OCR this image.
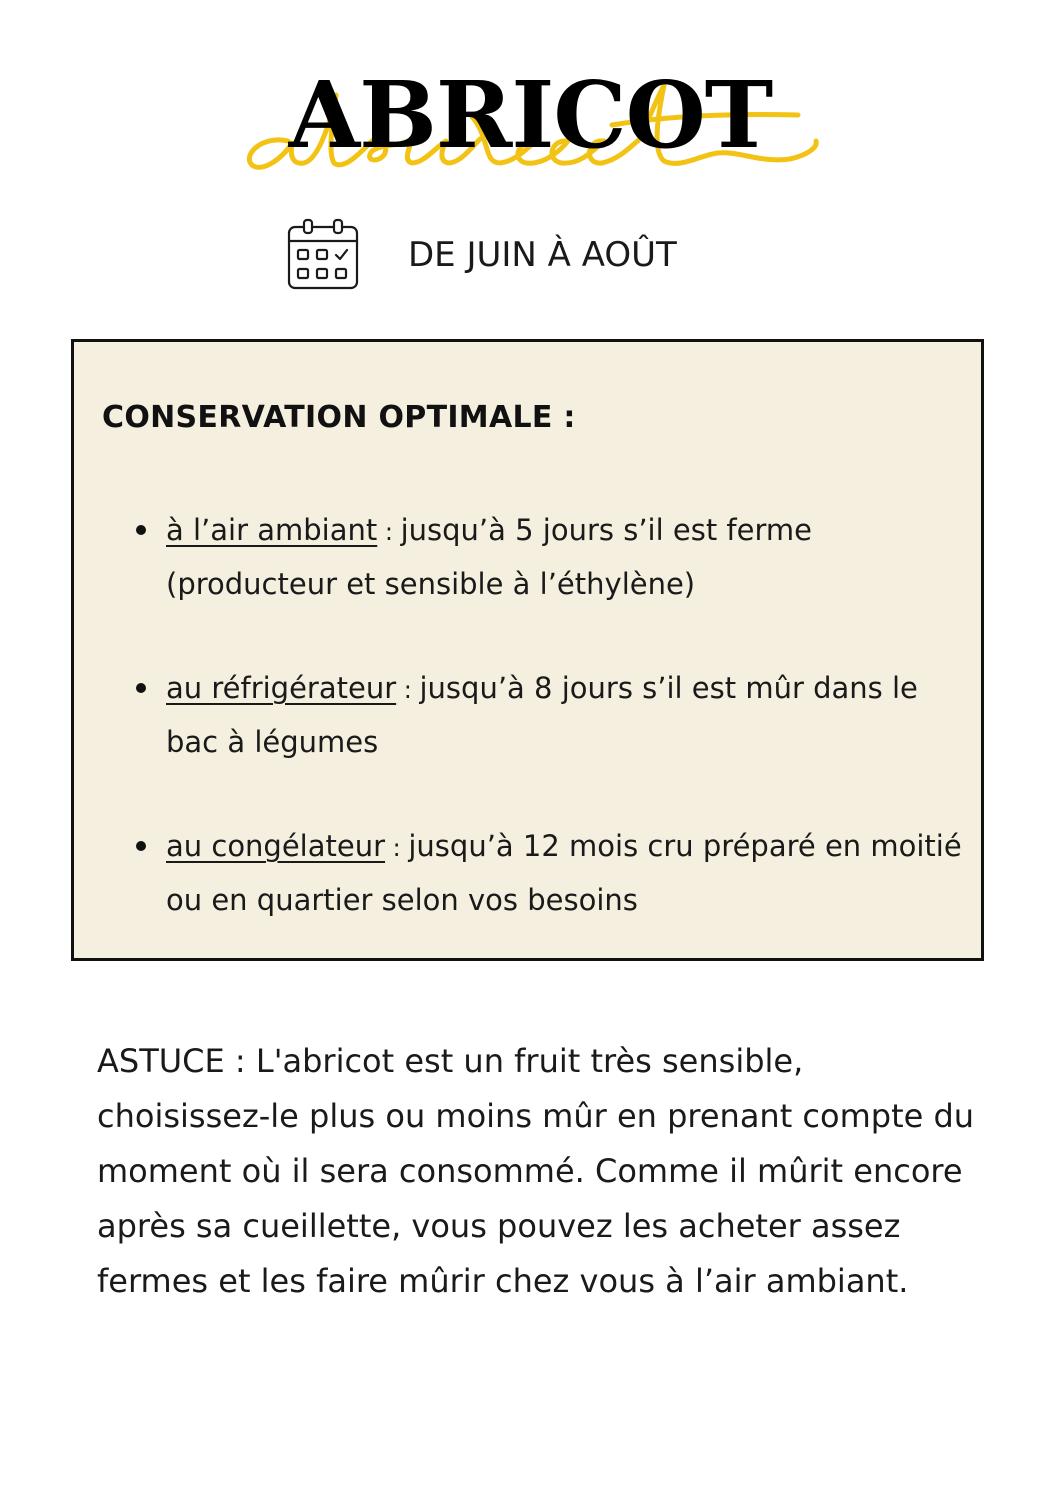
ABRICOT
DE JUIN À AOÛT
CONSERVATION OPTIMALE :
à l’air ambiant : jusqu’à 5 jours s’il est ferme (producteur et sensible à l’éthylène)
au réfrigérateur : jusqu’à 8 jours s’il est mûr dans le bac à légumes
au congélateur : jusqu’à 12 mois cru préparé en moitié ou en quartier selon vos besoins
ASTUCE : L'abricot est un fruit très sensible, choisissez-le plus ou moins mûr en prenant compte du moment où il sera consommé. Comme il mûrit encore après sa cueillette, vous pouvez les acheter assez fermes et les faire mûrir chez vous à l’air ambiant.
